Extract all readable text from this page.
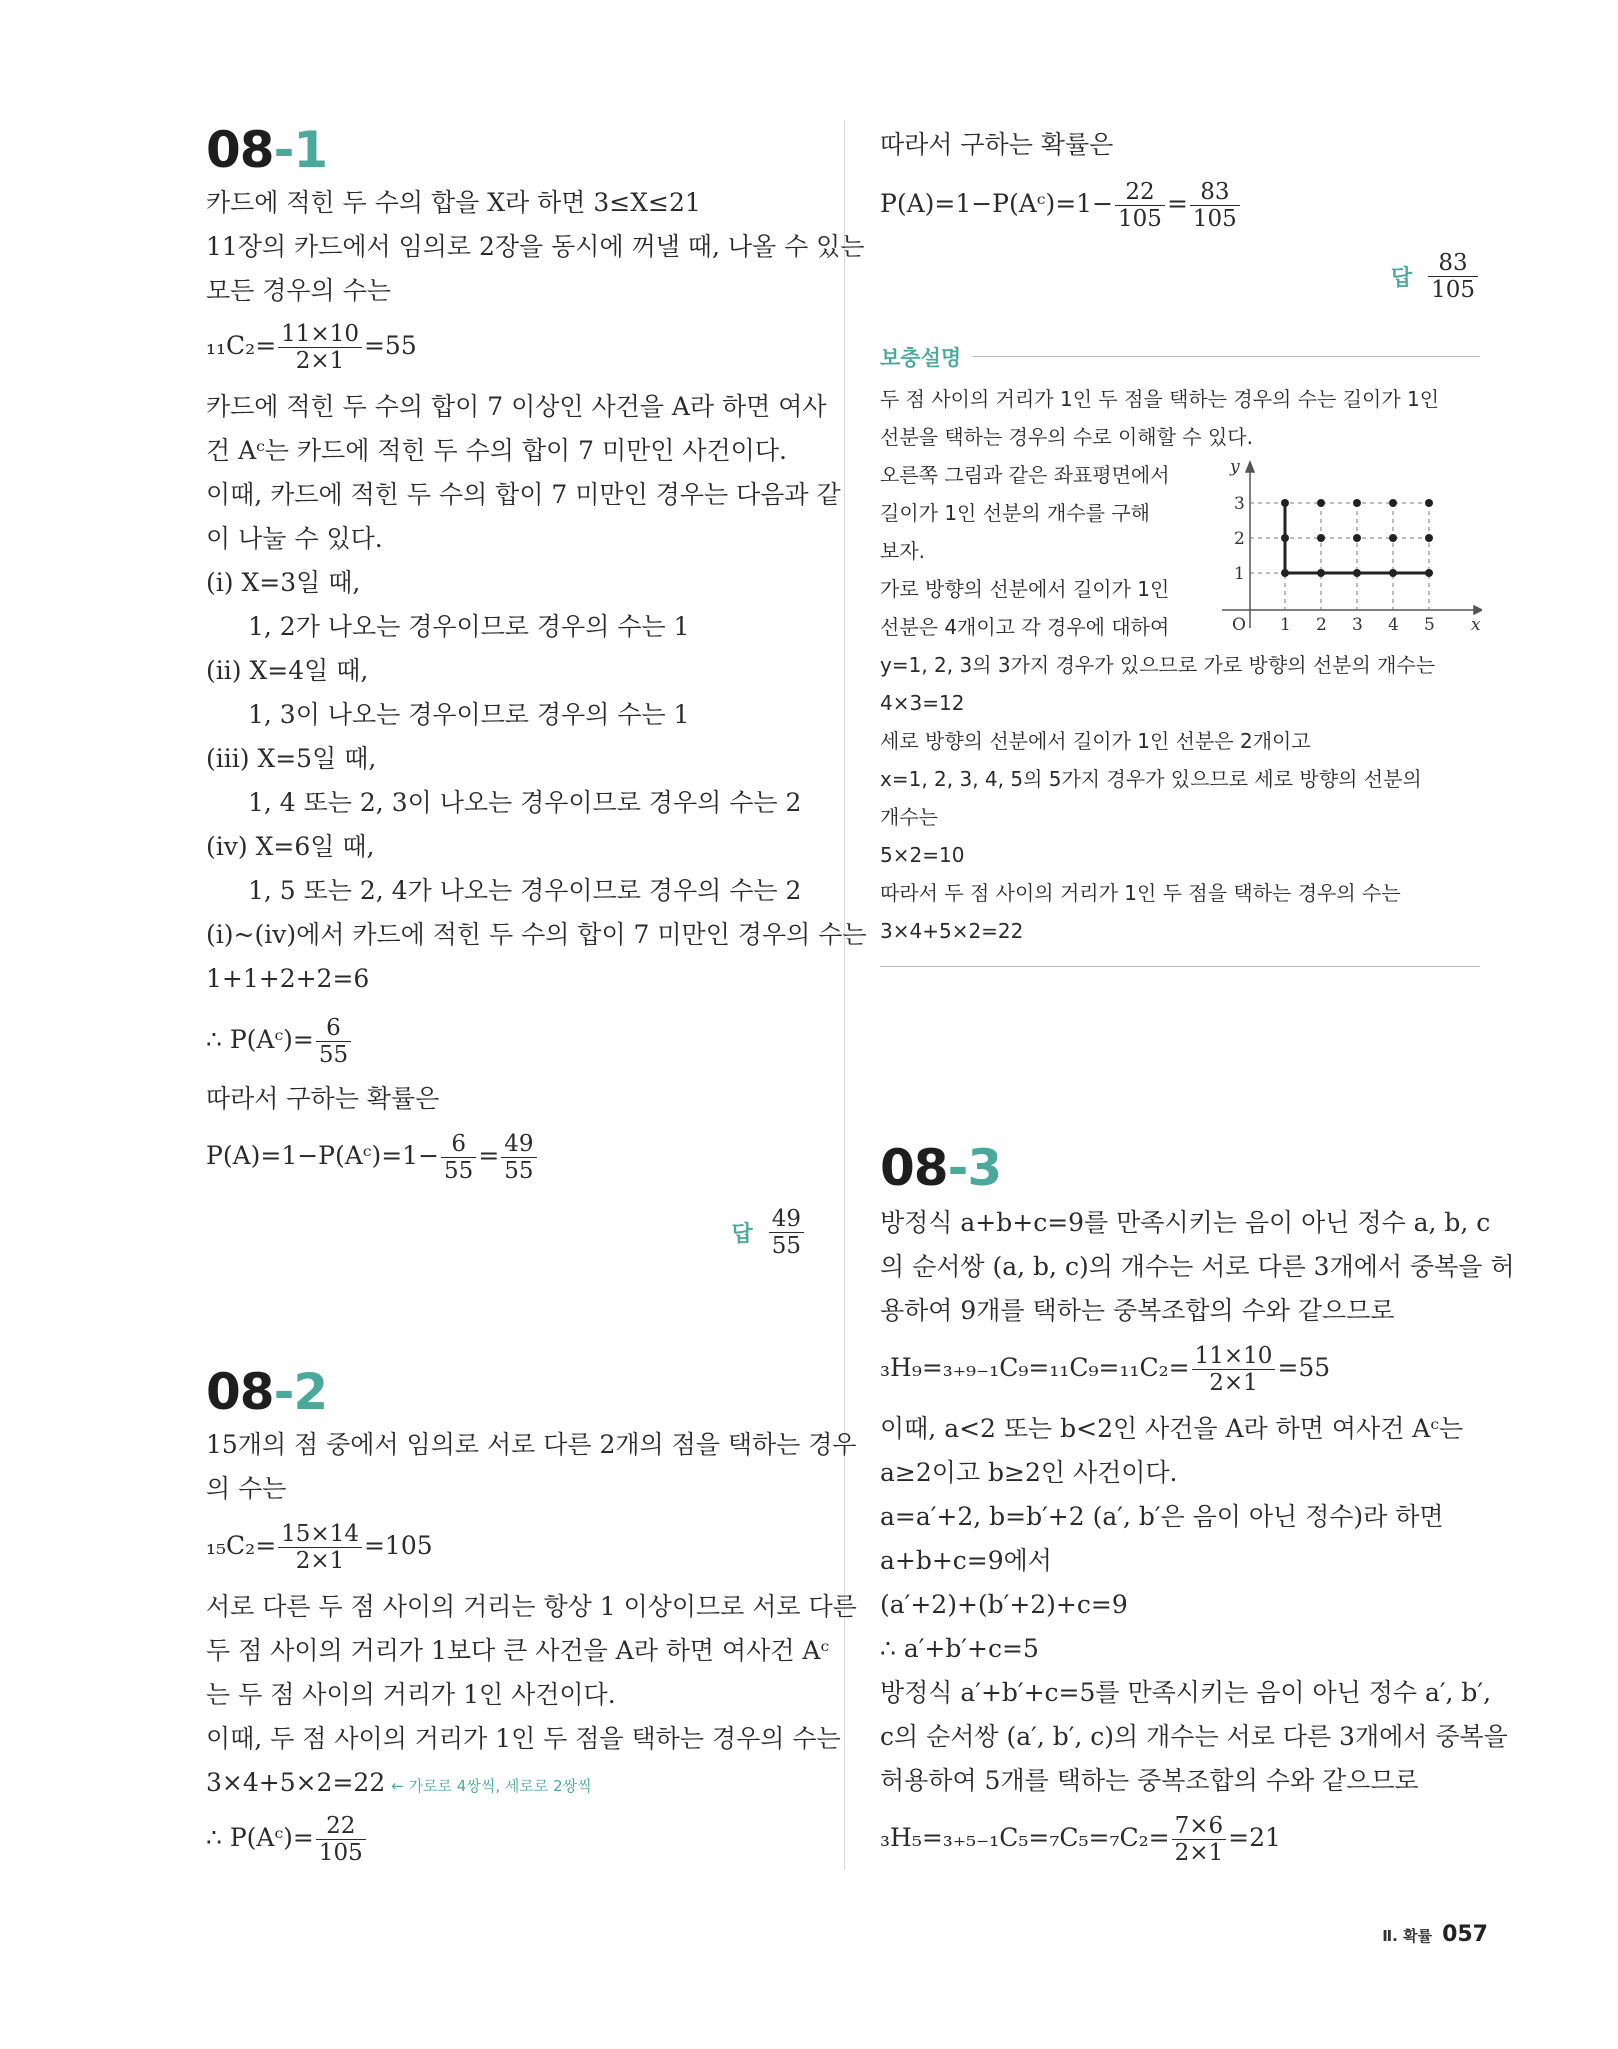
08-1
카드에 적힌 두 수의 합을 X라 하면 3≤X≤21
11장의 카드에서 임의로 2장을 동시에 꺼낼 때, 나올 수 있는
모든 경우의 수는
$_{11}C_2= \frac{11\times 10}{2\times 1} =55$
카드에 적힌 두 수의 합이 7 이상인 사건을 A라 하면 여사
건 Aᶜ는 카드에 적힌 두 수의 합이 7 미만인 사건이다.
이때, 카드에 적힌 두 수의 합이 7 미만인 경우는 다음과 같
이 나눌 수 있다.
(ⅰ) X=3일 때,
1, 2가 나오는 경우이므로 경우의 수는 1
(ⅱ) X=4일 때,
1, 3이 나오는 경우이므로 경우의 수는 1
(ⅲ) X=5일 때,
1, 4 또는 2, 3이 나오는 경우이므로 경우의 수는 2
(ⅳ) X=6일 때,
1, 5 또는 2, 4가 나오는 경우이므로 경우의 수는 2
(ⅰ)~(ⅳ)에서 카드에 적힌 두 수의 합이 7 미만인 경우의 수는
1+1+2+2=6
∴ P(Aᶜ)= $\frac{6}{55}$
따라서 구하는 확률은
P(A)=1−P(Aᶜ)=1− $\frac{6}{55} = \frac{49}{55}$
답 $\frac{49}{55}$
08-2
15개의 점 중에서 임의로 서로 다른 2개의 점을 택하는 경우
의 수는
$_{15}C_2= \frac{15\times 14}{2\times 1} =105$
서로 다른 두 점 사이의 거리는 항상 1 이상이므로 서로 다른
두 점 사이의 거리가 1보다 큰 사건을 A라 하면 여사건 Aᶜ
는 두 점 사이의 거리가 1인 사건이다.
이때, 두 점 사이의 거리가 1인 두 점을 택하는 경우의 수는
3×4+5×2=22 ← 가로로 4쌍씩, 세로로 2쌍씩
∴ P(Aᶜ)= $\frac{22}{105}$
따라서 구하는 확률은
P(A)=1−P(Aᶜ)=1− $\frac{22}{105} = \frac{83}{105}$
답 $\frac{83}{105}$
보충설명
두 점 사이의 거리가 1인 두 점을 택하는 경우의 수는 길이가 1인
선분을 택하는 경우의 수로 이해할 수 있다.
오른쪽 그림과 같은 좌표평면에서
길이가 1인 선분의 개수를 구해
보자.
가로 방향의 선분에서 길이가 1인
선분은 4개이고 각 경우에 대하여
y=1, 2, 3의 3가지 경우가 있으므로 가로 방향의 선분의 개수는
4×3=12
세로 방향의 선분에서 길이가 1인 선분은 2개이고
x=1, 2, 3, 4, 5의 5가지 경우가 있으므로 세로 방향의 선분의
개수는
5×2=10
따라서 두 점 사이의 거리가 1인 두 점을 택하는 경우의 수는
3×4+5×2=22
08-3
방정식 a+b+c=9를 만족시키는 음이 아닌 정수 a, b, c
의 순서쌍 (a, b, c)의 개수는 서로 다른 3개에서 중복을 허
용하여 9개를 택하는 중복조합의 수와 같으므로
$_3H_9=_{3+9-1}C_9=_{11}C_9=_{11}C_2= \frac{11\times 10}{2\times 1} =55$
이때, a<2 또는 b<2인 사건을 A라 하면 여사건 Aᶜ는
a≥2이고 b≥2인 사건이다.
a=a′+2, b=b′+2 (a′, b′은 음이 아닌 정수)라 하면
a+b+c=9에서
(a′+2)+(b′+2)+c=9
∴ a′+b′+c=5
방정식 a′+b′+c=5를 만족시키는 음이 아닌 정수 a′, b′,
c의 순서쌍 (a′, b′, c)의 개수는 서로 다른 3개에서 중복을
허용하여 5개를 택하는 중복조합의 수와 같으므로
$_3H_5=_{3+5-1}C_5=_7C_5=_7C_2= \frac{7\times 6}{2\times 1} =21$
O	x
y
1 2 3 4 5
1
2
3
Ⅱ. 확률 057
